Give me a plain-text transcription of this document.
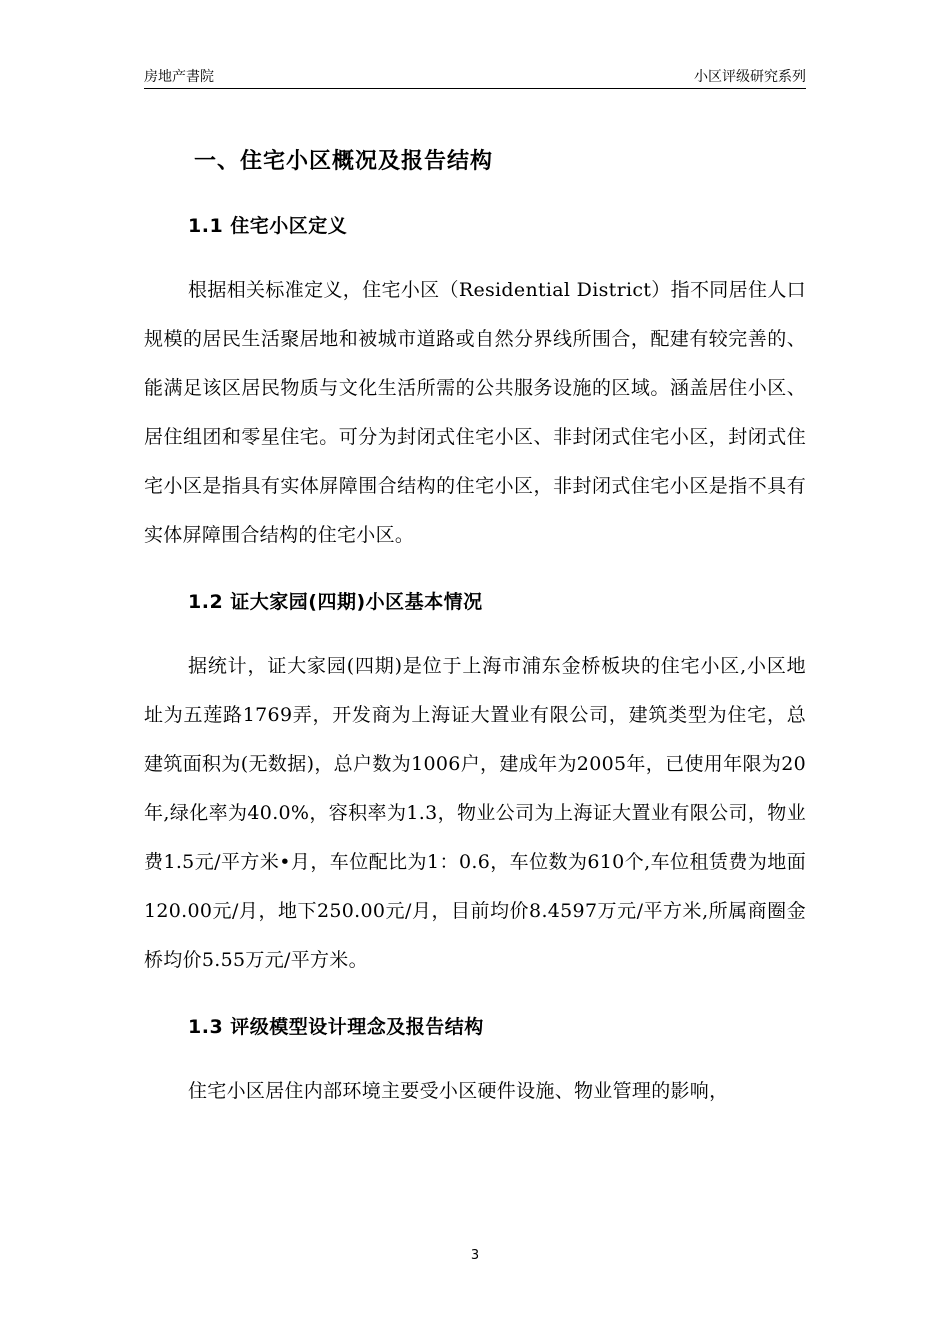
房地产書院	小区评级研究系列
一、住宅小区概况及报告结构
1.1 住宅小区定义

根据相关标准定义，住宅小区（Residential District）指不同居住人口规模的居民生活聚居地和被城市道路或自然分界线所围合，配建有较完善的、能满足该区居民物质与文化生活所需的公共服务设施的区域。涵盖居住小区、居住组团和零星住宅。可分为封闭式住宅小区、非封闭式住宅小区，封闭式住宅小区是指具有实体屏障围合结构的住宅小区，非封闭式住宅小区是指不具有实体屏障围合结构的住宅小区。

1.2 证大家园(四期)小区基本情况

据统计，证大家园(四期)是位于上海市浦东金桥板块的住宅小区,小区地址为五莲路1769弄，开发商为上海证大置业有限公司，建筑类型为住宅，总建筑面积为(无数据)，总户数为1006户，建成年为2005年，已使用年限为20年,绿化率为40.0%，容积率为1.3，物业公司为上海证大置业有限公司，物业费1.5元/平方米•月，车位配比为1：0.6，车位数为610个,车位租赁费为地面120.00元/月，地下250.00元/月，目前均价8.4597万元/平方米,所属商圈金桥均价5.55万元/平方米。

1.3 评级模型设计理念及报告结构

住宅小区居住内部环境主要受小区硬件设施、物业管理的影响，

3
